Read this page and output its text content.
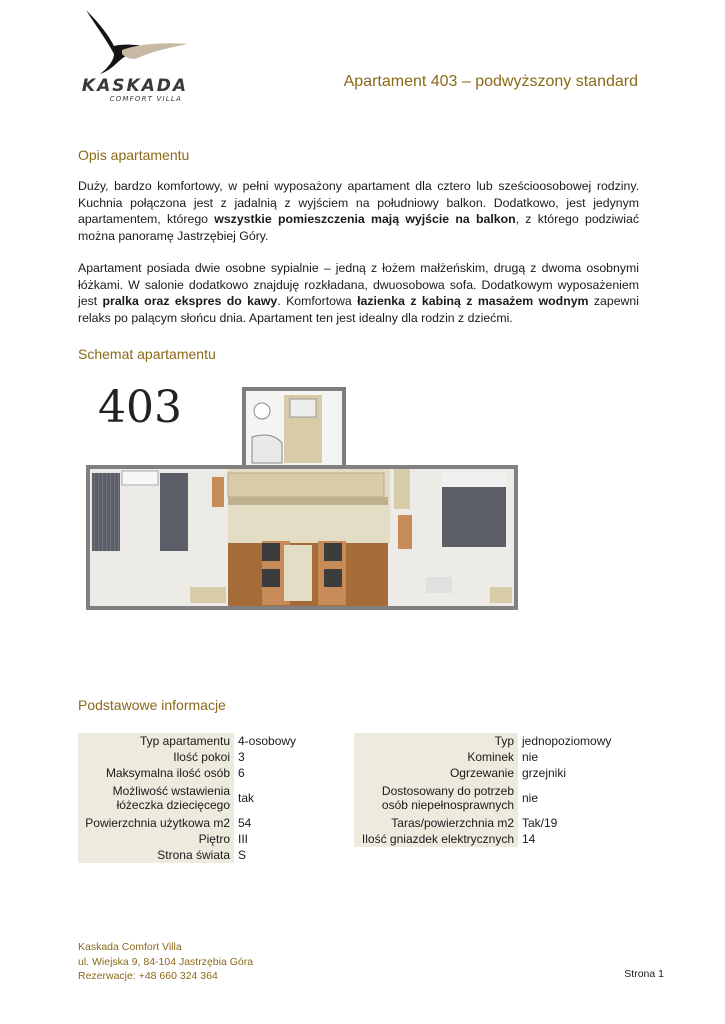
KASKADA
COMFORT VILLA
Apartament 403 – podwyższony standard
Opis apartamentu

Duży, bardzo komfortowy, w pełni wyposażony apartament dla cztero lub sześcioosobowej rodziny. Kuchnia połączona jest z jadalnią z wyjściem na południowy balkon. Dodatkowo, jest jedynym apartamentem, którego wszystkie pomieszczenia mają wyjście na balkon, z którego podziwiać można panoramę Jastrzębiej Góry.

Apartament posiada dwie osobne sypialnie – jedną z łożem małżeńskim, drugą z dwoma osobnymi łóżkami. W salonie dodatkowo znajduję rozkładana, dwuosobowa sofa. Dodatkowym wyposażeniem jest pralka oraz ekspres do kawy. Komfortowa łazienka z kabiną z masażem wodnym zapewni relaks po palącym słońcu dnia. Apartament ten jest idealny dla rodzin z dziećmi.

Schemat apartamentu
403
Podstawowe informacje
Typ apartamentu	4-osobowy
Ilość pokoi	3
Maksymalna ilość osób	6
Możliwość wstawienia łóżeczka dziecięcego	tak
Powierzchnia użytkowa m2	54
Piętro	III
Strona świata	S
Typ	jednopoziomowy
Kominek	nie
Ogrzewanie	grzejniki
Dostosowany do potrzeb osób niepełnosprawnych	nie
Taras/powierzchnia m2	Tak/19
Ilość gniazdek elektrycznych	14
Kaskada Comfort Villa
ul. Wiejska 9, 84-104 Jastrzębia Góra
Rezerwacje: +48 660 324 364	Strona 1
